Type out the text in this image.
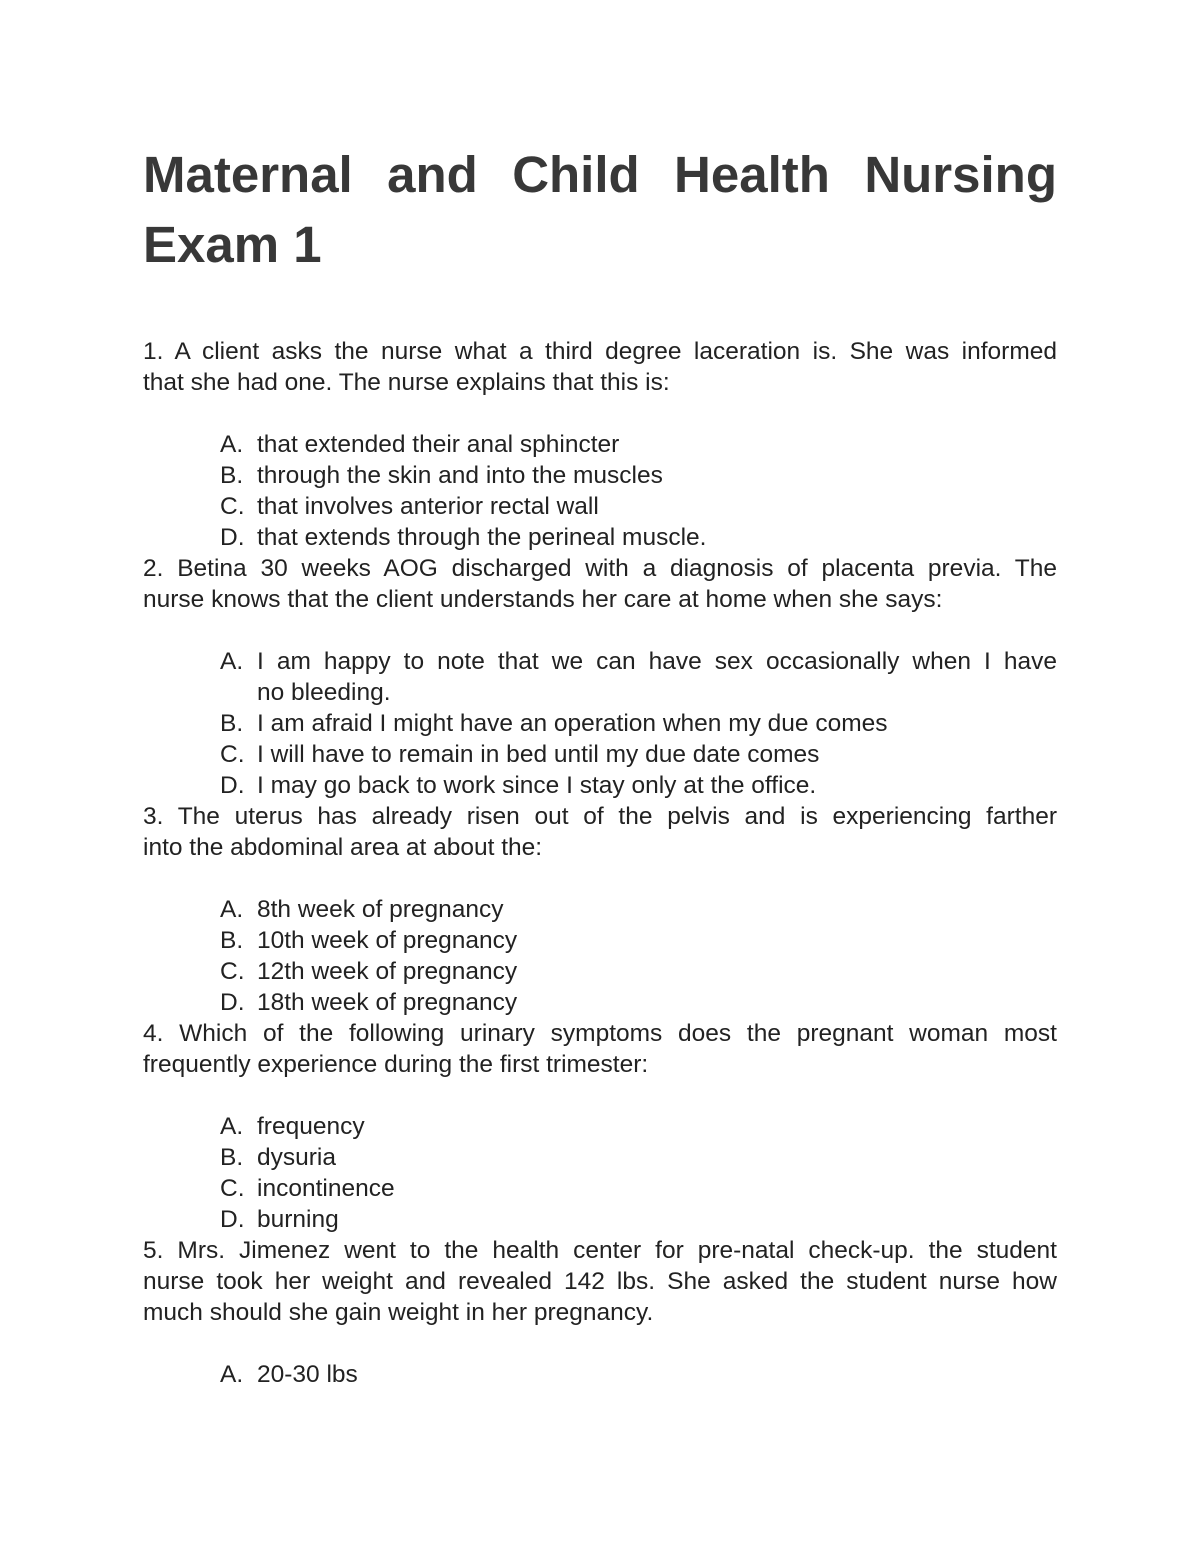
Maternal and Child Health Nursing
Exam 1
1. A client asks the nurse what a third degree laceration is. She was informed
that she had one. The nurse explains that this is:
A. that extended their anal sphincter
B. through the skin and into the muscles
C. that involves anterior rectal wall
D. that extends through the perineal muscle.
2. Betina 30 weeks AOG discharged with a diagnosis of placenta previa. The
nurse knows that the client understands her care at home when she says:
A. I am happy to note that we can have sex occasionally when I have
no bleeding.
B. I am afraid I might have an operation when my due comes
C. I will have to remain in bed until my due date comes
D. I may go back to work since I stay only at the office.
3. The uterus has already risen out of the pelvis and is experiencing farther
into the abdominal area at about the:
A. 8th week of pregnancy
B. 10th week of pregnancy
C. 12th week of pregnancy
D. 18th week of pregnancy
4. Which of the following urinary symptoms does the pregnant woman most
frequently experience during the first trimester:
A. frequency
B. dysuria
C. incontinence
D. burning
5. Mrs. Jimenez went to the health center for pre-natal check-up. the student
nurse took her weight and revealed 142 lbs. She asked the student nurse how
much should she gain weight in her pregnancy.
A. 20-30 lbs
